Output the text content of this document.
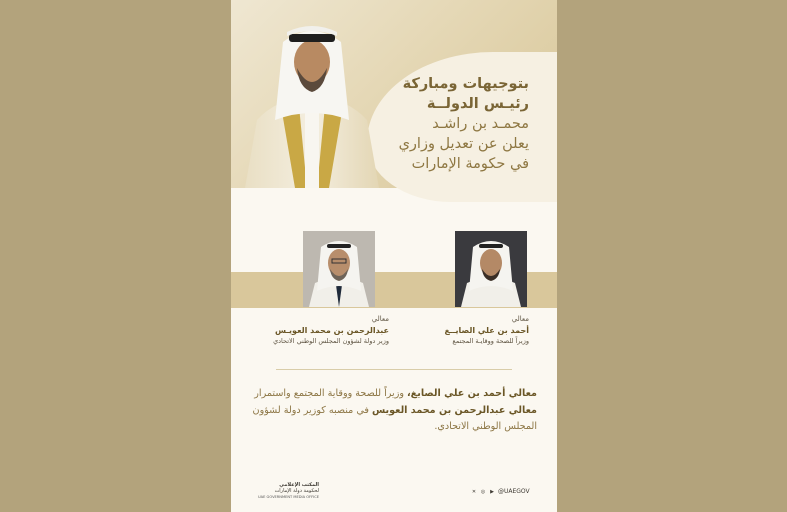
بتوجيهات ومباركة
رئيـس الدولــة
محمـد بن راشـد
يعلن عن تعديل وزاري
في حكومة الإمارات
معالي
عبدالرحمن بن محمد العويـس
وزير دولة لشؤون المجلس الوطني الاتحادي
معالي
أحمد بن علي الصايــغ
وزيراً للصحة ووقايـة المجتمع
معالي أحمد بن علي الصايغ، وزيراً للصحة ووقاية المجتمع واستمرار معالي عبدالرحمن بن محمد العويس في منصبه كوزير دولة لشؤون المجلس الوطني الاتحادي.
المكتب الإعلامي
لحكومة دولة الإمارات
UAE GOVERNMENT MEDIA OFFICE
✕ ◎ ▶ @UAEGOV
